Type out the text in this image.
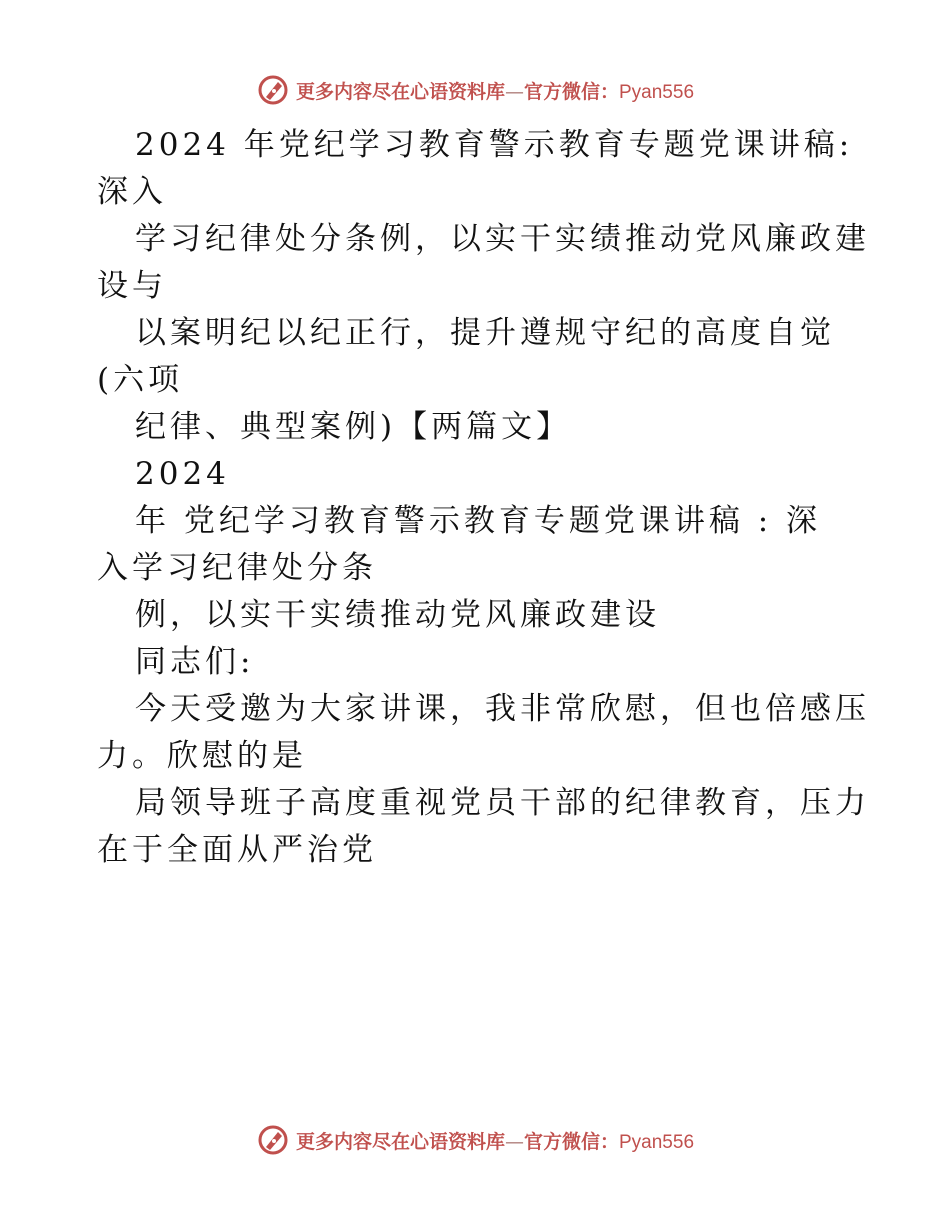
更多内容尽在心语资料库—官方微信：Pyan556
2024 年党纪学习教育警示教育专题党课讲稿:
深入
学习纪律处分条例，以实干实绩推动党风廉政建
设与
以案明纪以纪正行，提升遵规守纪的高度自觉
(六项
纪律、典型案例)【两篇文】
2024
年 党纪学习教育警示教育专题党课讲稿 : 深
入学习纪律处分条
例，以实干实绩推动党风廉政建设
同志们:
今天受邀为大家讲课，我非常欣慰，但也倍感压
力。欣慰的是
局领导班子高度重视党员干部的纪律教育，压力
在于全面从严治党
更多内容尽在心语资料库—官方微信：Pyan556
